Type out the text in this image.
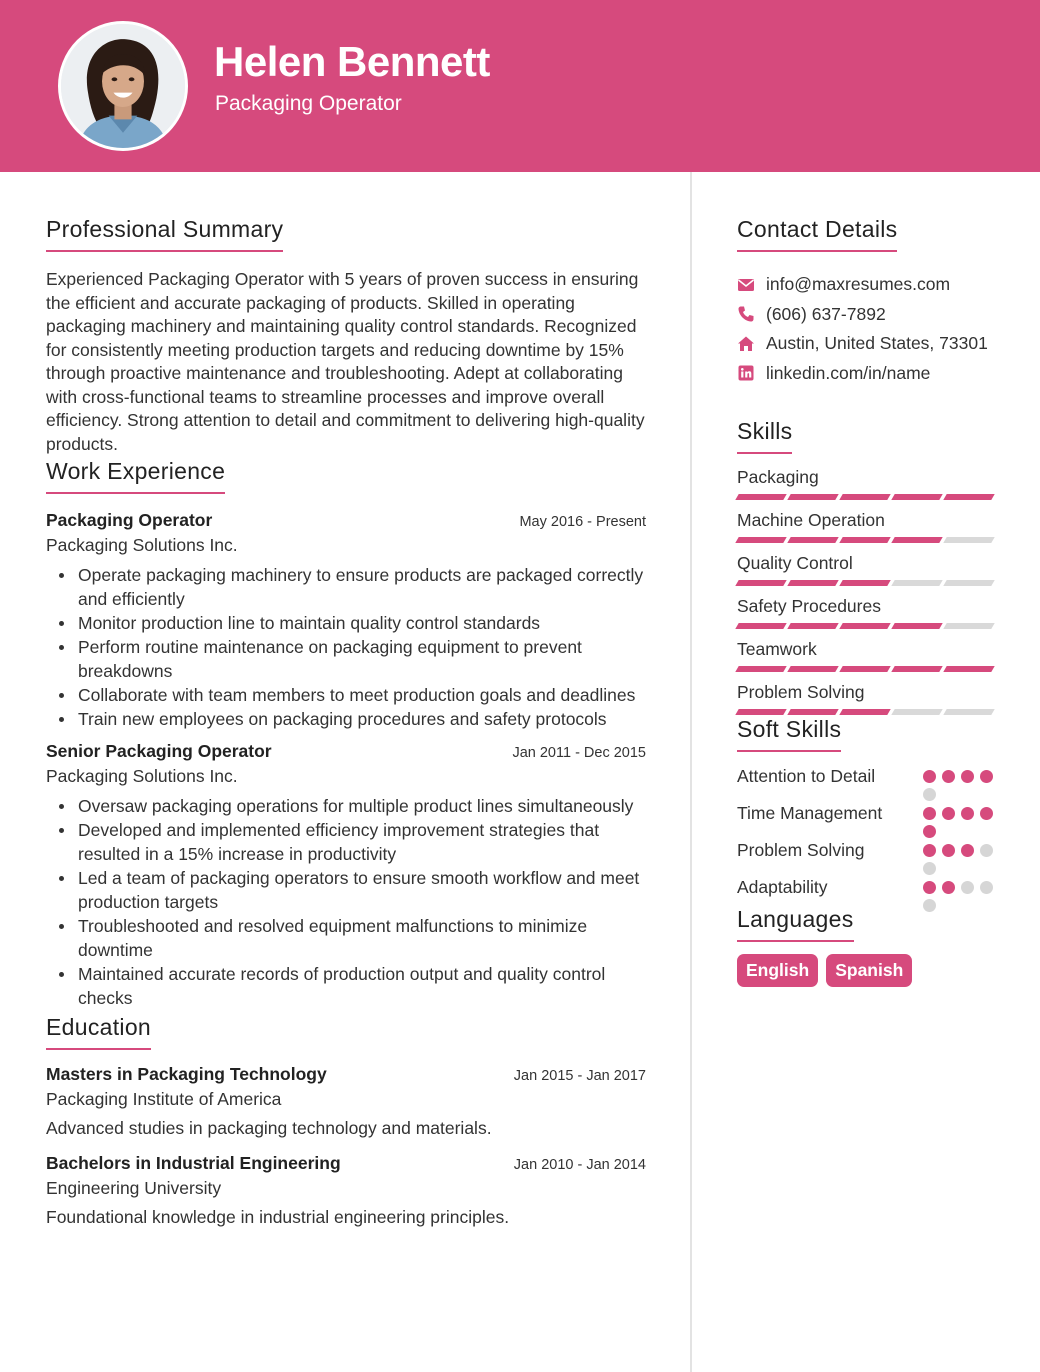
Helen Bennett
Packaging Operator
Professional Summary

Experienced Packaging Operator with 5 years of proven success in ensuring the efficient and accurate packaging of products. Skilled in operating packaging machinery and maintaining quality control standards. Recognized for consistently meeting production targets and reducing downtime by 15% through proactive maintenance and troubleshooting. Adept at collaborating with cross-functional teams to streamline processes and improve overall efficiency. Strong attention to detail and commitment to delivering high-quality products.

Work Experience
Packaging Operator	May 2016 - Present
Packaging Solutions Inc.
Operate packaging machinery to ensure products are packaged correctly and efficiently
Monitor production line to maintain quality control standards
Perform routine maintenance on packaging equipment to prevent breakdowns
Collaborate with team members to meet production goals and deadlines
Train new employees on packaging procedures and safety protocols
Senior Packaging Operator	Jan 2011 - Dec 2015
Packaging Solutions Inc.
Oversaw packaging operations for multiple product lines simultaneously
Developed and implemented efficiency improvement strategies that resulted in a 15% increase in productivity
Led a team of packaging operators to ensure smooth workflow and meet production targets
Troubleshooted and resolved equipment malfunctions to minimize downtime
Maintained accurate records of production output and quality control checks
Education
Masters in Packaging Technology	Jan 2015 - Jan 2017
Packaging Institute of America
Advanced studies in packaging technology and materials.
Bachelors in Industrial Engineering	Jan 2010 - Jan 2014
Engineering University
Foundational knowledge in industrial engineering principles.
Contact Details
info@maxresumes.com
(606) 637-7892
Austin, United States, 73301
linkedin.com/in/name
Skills
Packaging
Machine Operation
Quality Control
Safety Procedures
Teamwork
Problem Solving
Soft Skills
Attention to Detail
Time Management
Problem Solving
Adaptability
Languages
English	Spanish
